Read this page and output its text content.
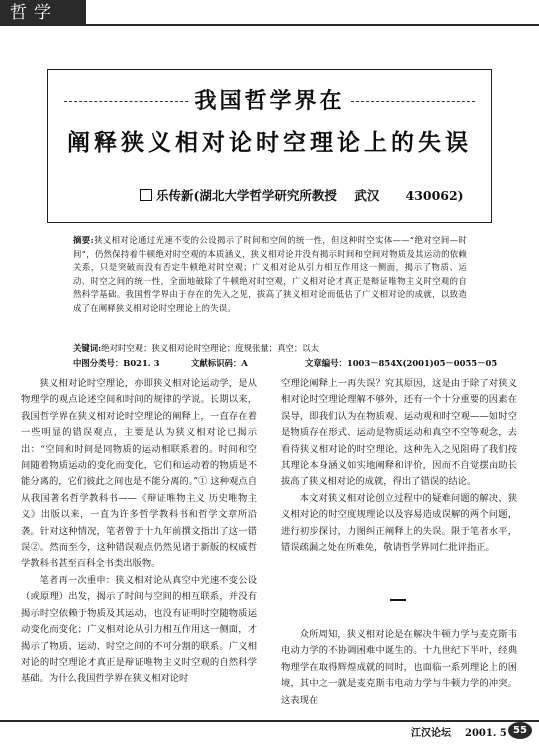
哲学
我国哲学界在
阐释狭义相对论时空理论上的失误
乐传新(湖北大学哲学研究所教授 武汉 430062)
摘要:狭义相对论通过光速不变的公设揭示了时间和空间的统一性，但这种时空实体——“绝对空间—时间”，仍然保持着牛顿绝对时空观的本质涵义，狭义相对论并没有揭示时间和空间对物质及其运动的依赖关系，只是突破而没有否定牛顿绝对时空观；广义相对论从引力相互作用这一侧面，揭示了物质、运动、时空之间的统一性，全面地破除了牛顿绝对时空观，广义相对论才真正是辩证唯物主义时空观的自然科学基础。我国哲学界由于存在的先入之见，拔高了狭义相对论而低估了广义相对论的成就，以致造成了在阐释狭义相对论时空理论上的失误。
关键词:绝对时空观；狭义相对论时空理论；度规张量；真空；以太
中图分类号：B021. 3	文献标识码：A	文章编号：1003－854X(2001)05－0055－05

狭义相对论时空理论，亦即狭义相对论运动学，是从物理学的观点论述空间和时间的规律的学说。长期以来，我国哲学界在狭义相对论时空理论的阐释上，一直存在着一些明显的错误观点，主要是认为狭义相对论已揭示出：“空间和时间是同物质的运动相联系着的。时间和空间随着物质运动的变化而变化，它们和运动着的物质是不能分离的，它们彼此之间也是不能分离的。”① 这种观点自从我国著名哲学教科书——《辩证唯物主义 历史唯物主义》出版以来，一直为许多哲学教科书和哲学文章所沿袭。针对这种情况，笔者曾于十九年前撰文指出了这一错误②。然而至今，这种错误观点仍然见诸于新版的权威哲学教科书甚至百科全书类出版物。

笔者再一次重申：狭义相对论从真空中光速不变公设（或原理）出发，揭示了时间与空间的相互联系，并没有揭示时空依赖于物质及其运动，也没有证明时空随物质运动变化而变化；广义相对论从引力相互作用这一侧面，才揭示了物质、运动、时空之间的不可分割的联系。广义相对论的时空理论才真正是辩证唯物主义时空观的自然科学基础。为什么我国哲学界在狭义相对论时

空理论阐释上一再失误？究其原因，这是由于除了对狭义相对论时空理论理解不够外，还有一个十分重要的因素在误导，即我们认为在物质观、运动观和时空观——如时空是物质存在形式、运动是物质运动和真空不空等观念，去看待狭义相对论的时空理论，这种先入之见阻碍了我们按其理论本身涵义如实地阐释和评价，因而不自觉摆亩助长拔高了狭义相对论的成就，得出了错误的结论。

本文对狭义相对论创立过程中的疑难问题的解决、狭义相对论的时空度规理论以及容易造成误解的两个问题，进行初步探讨，力图纠正阐释上的失误。限于笔者水平，错误疏漏之处在所难免，敬请哲学界同仁批评指正。

众所周知，狭义相对论是在解决牛顿力学与麦克斯韦电动力学的不协调困难中诞生的。十九世纪下半叶，经典物理学在取得辉煌成就的同时，也面临一系列理论上的困境，其中之一就是麦克斯韦电动力学与牛顿力学的冲突。这表现在

江汉论坛 2001. 5 55
